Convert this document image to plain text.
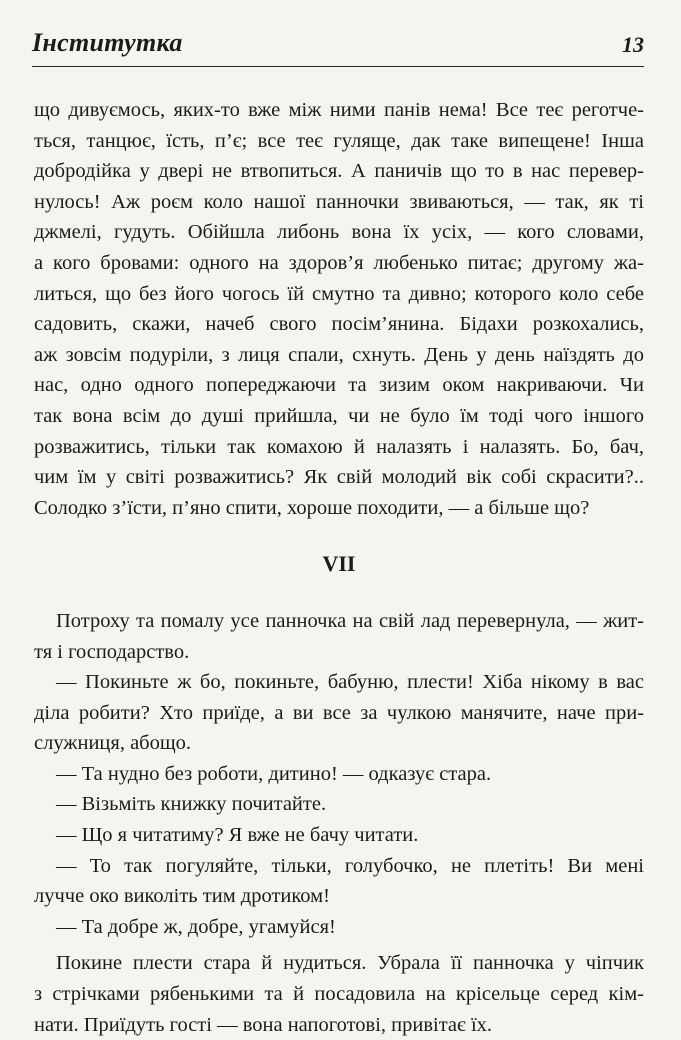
Інститутка	13
що дивуємось, яких-то вже між ними панів нема! Все теє реготче-
ться, танцює, їсть, п’є; все теє гуляще, дак таке випещене! Інша
добродійка у двері не втвопиться. А паничів що то в нас перевер-
нулось! Аж роєм коло нашої панночки звиваються, — так, як ті
джмелі, гудуть. Обійшла либонь вона їх усіх, — кого словами,
а кого бровами: одного на здоров’я любенько питає; другому жа-
литься, що без його чогось їй смутно та дивно; которого коло себе
садовить, скажи, начеб свого посім’янина. Бідахи розкохались,
аж зовсім подуріли, з лиця спали, схнуть. День у день наїздять до
нас, одно одного попереджаючи та зизим оком накриваючи. Чи
так вона всім до душі прийшла, чи не було їм тоді чого іншого
розважитись, тільки так комахою й налазять і налазять. Бо, бач,
чим їм у світі розважитись? Як свій молодий вік собі скрасити?..
Солодко з’їсти, п’яно спити, хороше походити, — а більше що?
VII
Потроху та помалу усе панночка на свій лад перевернула, — жит-
тя і господарство.
— Покиньте ж бо, покиньте, бабуню, плести! Хіба нікому в вас
діла робити? Хто приїде, а ви все за чулкою манячите, наче при-
служниця, абощо.
— Та нудно без роботи, дитино! — одказує стара.
— Візьміть книжку почитайте.
— Що я читатиму? Я вже не бачу читати.
— То так погуляйте, тільки, голубочко, не плетіть! Ви мені
лучче око виколіть тим дротиком!
— Та добре ж, добре, угамуйся!
Покине плести стара й нудиться. Убрала її панночка у чіпчик
з стрічками рябенькими та й посадовила на крісельце серед кім-
нати. Приїдуть гості — вона напоготові, привітає їх.
